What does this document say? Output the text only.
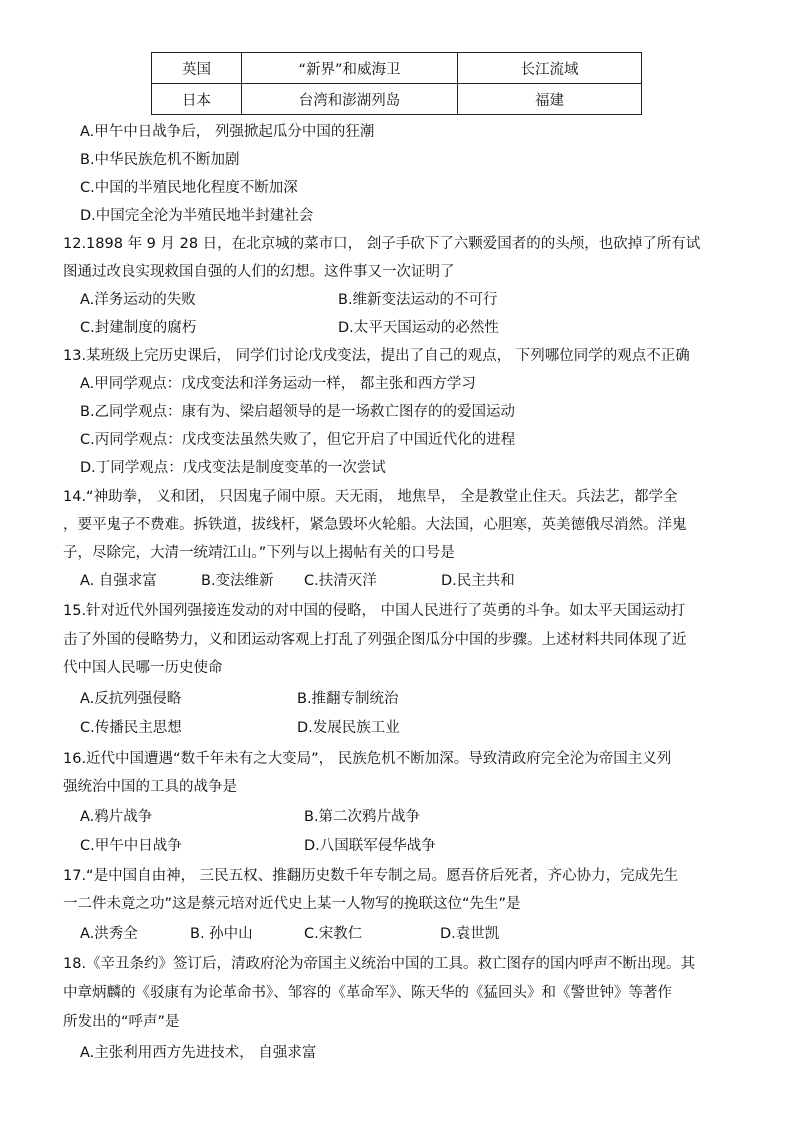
英国	“新界”和威海卫	长江流域
日本	台湾和澎湖列岛	福建
A.甲午中日战争后， 列强掀起瓜分中国的狂潮
B.中华民族危机不断加剧
C.中国的半殖民地化程度不断加深
D.中国完全沦为半殖民地半封建社会
12.1898 年 9 月 28 日，在北京城的菜市口， 刽子手砍下了六颗爱国者的的头颅，也砍掉了所有试
图通过改良实现救国自强的人们的幻想。这件事又一次证明了
A.洋务运动的失败	B.维新变法运动的不可行
C.封建制度的腐朽	D.太平天国运动的必然性
13.某班级上完历史课后， 同学们讨论戊戌变法，提出了自己的观点， 下列哪位同学的观点不正确
A.甲同学观点：戊戌变法和洋务运动一样， 都主张和西方学习
B.乙同学观点：康有为、梁启超领导的是一场救亡图存的的爱国运动
C.丙同学观点：戊戌变法虽然失败了，但它开启了中国近代化的进程
D.丁同学观点：戊戌变法是制度变革的一次尝试
14.“神助拳， 义和团， 只因鬼子闹中原。天无雨， 地焦旱， 全是教堂止住天。兵法艺，都学全
，要平鬼子不费难。拆铁道，拔线杆，紧急毁坏火轮船。大法国，心胆寒，英美德俄尽消然。洋鬼
子，尽除完，大清一统靖江山。”下列与以上揭帖有关的口号是
A. 自强求富	B.变法维新 C.扶清灭洋	D.民主共和
15.针对近代外国列强接连发动的对中国的侵略， 中国人民进行了英勇的斗争。如太平天国运动打
击了外国的侵略势力，义和团运动客观上打乱了列强企图瓜分中国的步骤。上述材料共同体现了近
代中国人民哪一历史使命
A.反抗列强侵略	B.推翻专制统治
C.传播民主思想	D.发展民族工业
16.近代中国遭遇“数千年未有之大变局”， 民族危机不断加深。导致清政府完全沦为帝国主义列
强统治中国的工具的战争是
A.鸦片战争	B.第二次鸦片战争
C.甲午中日战争	D.八国联军侵华战争
17.“是中国自由神， 三民五权、推翻历史数千年专制之局。愿吾侪后死者，齐心协力，完成先生
一二件未竟之功”这是蔡元培对近代史上某一人物写的挽联这位“先生”是
A.洪秀全	B. 孙中山	C.宋教仁	D.袁世凯
18.《辛丑条约》签订后，清政府沦为帝国主义统治中国的工具。救亡图存的国内呼声不断出现。其
中章炳麟的《驳康有为论革命书》、邹容的《革命军》、陈天华的《猛回头》和《警世钟》等著作
所发出的“呼声”是
A.主张利用西方先进技术， 自强求富
